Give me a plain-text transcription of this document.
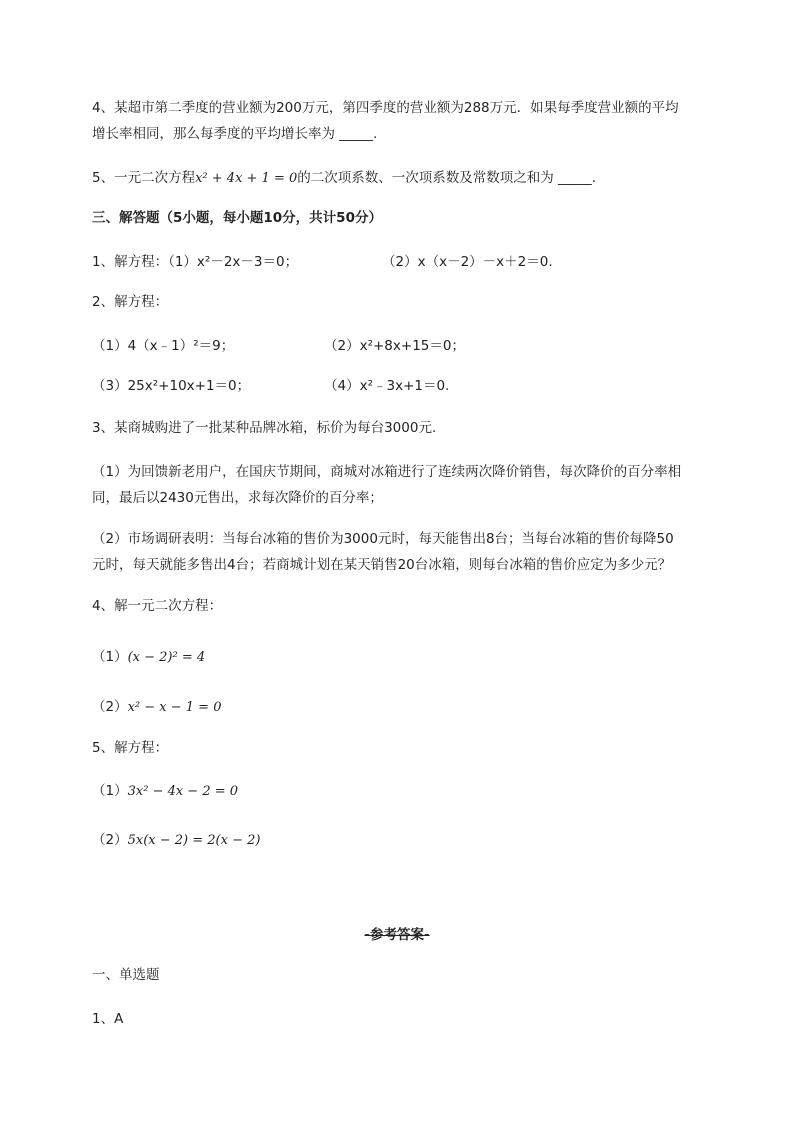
4、某超市第二季度的营业额为200万元，第四季度的营业额为288万元．如果每季度营业额的平均
增长率相同，那么每季度的平均增长率为 _____.
5、一元二次方程x² + 4x + 1 = 0的二次项系数、一次项系数及常数项之和为 _____.
三、解答题（5小题，每小题10分，共计50分）
1、解方程：（1）x²－2x－3＝0；	（2）x（x－2）－x＋2＝0.
2、解方程：
（1）4（x﹣1）²＝9；	（2）x²+8x+15＝0；
（3）25x²+10x+1＝0；	（4）x²﹣3x+1＝0.
3、某商城购进了一批某种品牌冰箱，标价为每台3000元．
（1）为回馈新老用户，在国庆节期间，商城对冰箱进行了连续两次降价销售，每次降价的百分率相
同，最后以2430元售出，求每次降价的百分率；
（2）市场调研表明：当每台冰箱的售价为3000元时，每天能售出8台；当每台冰箱的售价每降50
元时，每天就能多售出4台；若商城计划在某天销售20台冰箱，则每台冰箱的售价应定为多少元？
4、解一元二次方程：
（1）(x − 2)² = 4
（2）x² − x − 1 = 0
5、解方程：
（1）3x² − 4x − 2 = 0
（2）5x(x − 2) = 2(x − 2)
-参考答案-
一、单选题
1、A
